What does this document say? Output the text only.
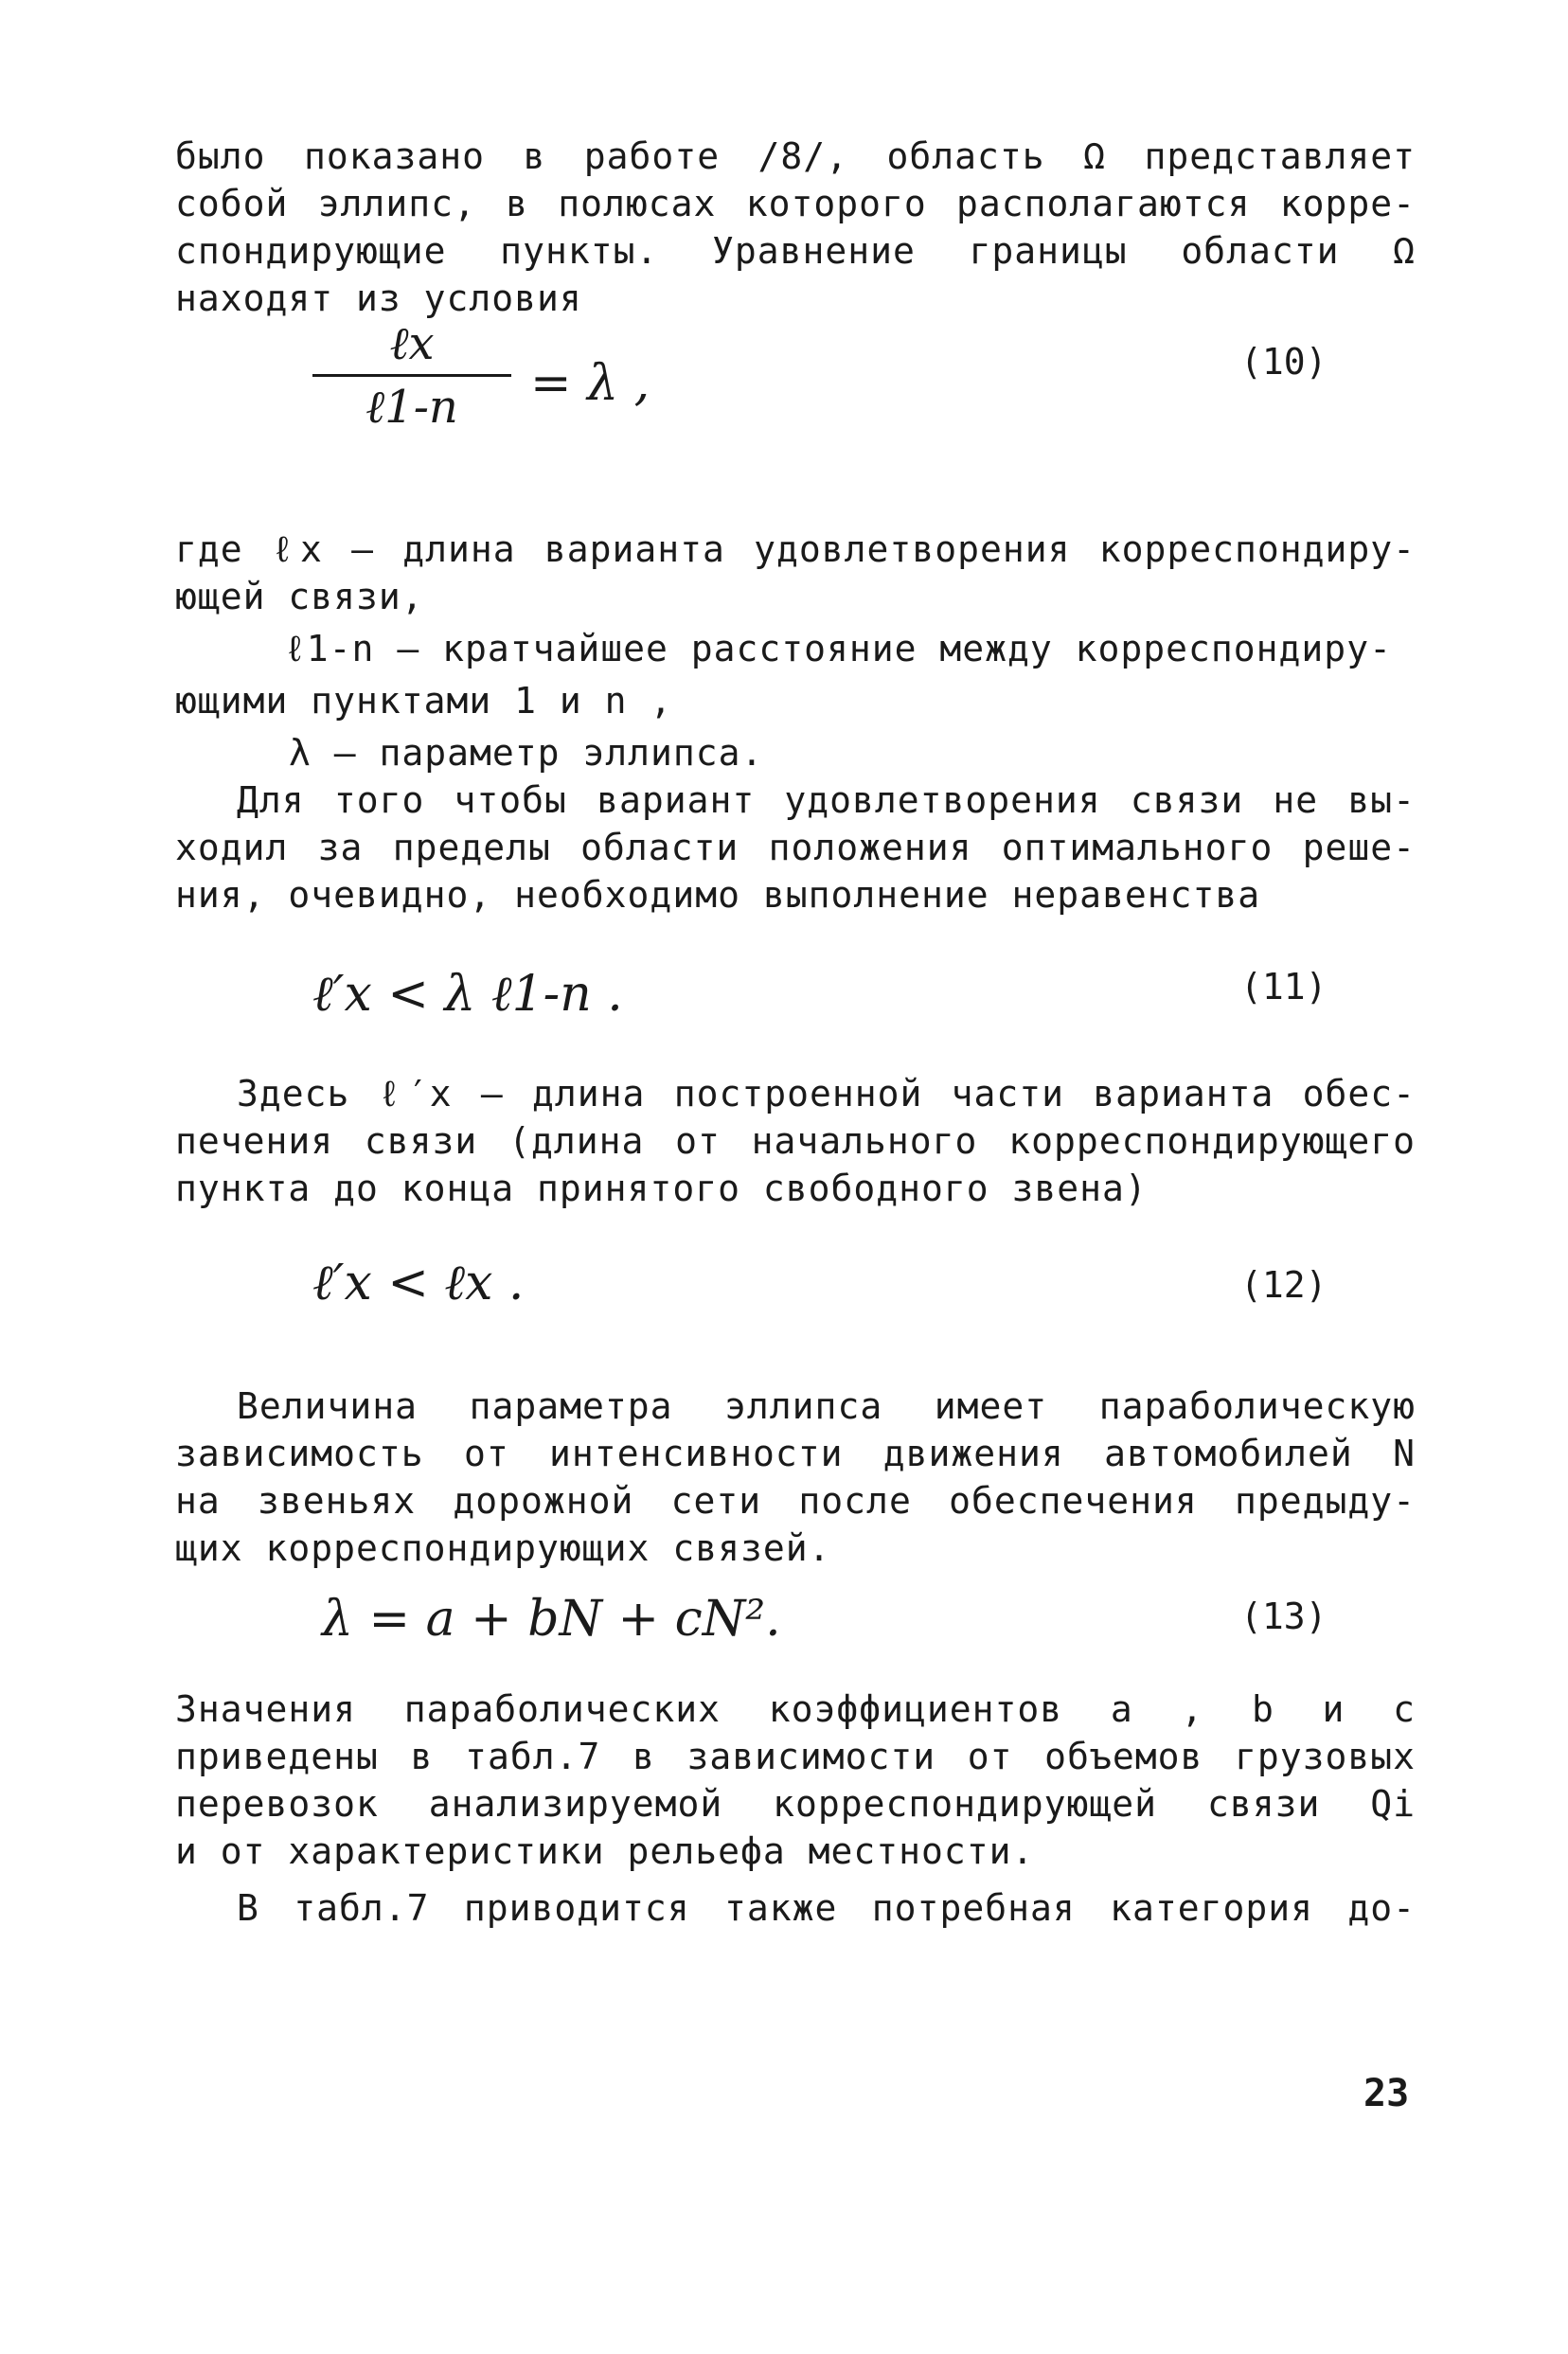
было показано в работе /8/, область Ω представляет
собой эллипс, в полюсах которого располагаются корре-
спондирующие пункты. Уравнение границы области Ω
находят из условия
ℓx
ℓ1-n = λ ,	(10)
где ℓx – длина варианта удовлетворения корреспондиру-
ющей связи,
ℓ1-n – кратчайшее расстояние между корреспондиру-
ющими пунктами 1 и n ,
λ – параметр эллипса.
Для того чтобы вариант удовлетворения связи не вы-
ходил за пределы области положения оптимального реше-
ния, очевидно, необходимо выполнение неравенства
ℓ′x < λ ℓ1-n .	(11)
Здесь ℓ′x – длина построенной части варианта обес-
печения связи (длина от начального корреспондирующего
пункта до конца принятого свободного звена)
ℓ′x < ℓx .	(12)
Величина параметра эллипса имеет параболическую
зависимость от интенсивности движения автомобилей N
на звеньях дорожной сети после обеспечения предыду-
щих корреспондирующих связей.
λ = a + bN + cN².	(13)
Значения параболических коэффициентов a , b и c
приведены в табл.7 в зависимости от объемов грузовых
перевозок анализируемой корреспондирующей связи Qi
и от характеристики рельефа местности.
В табл.7 приводится также потребная категория до-
23
